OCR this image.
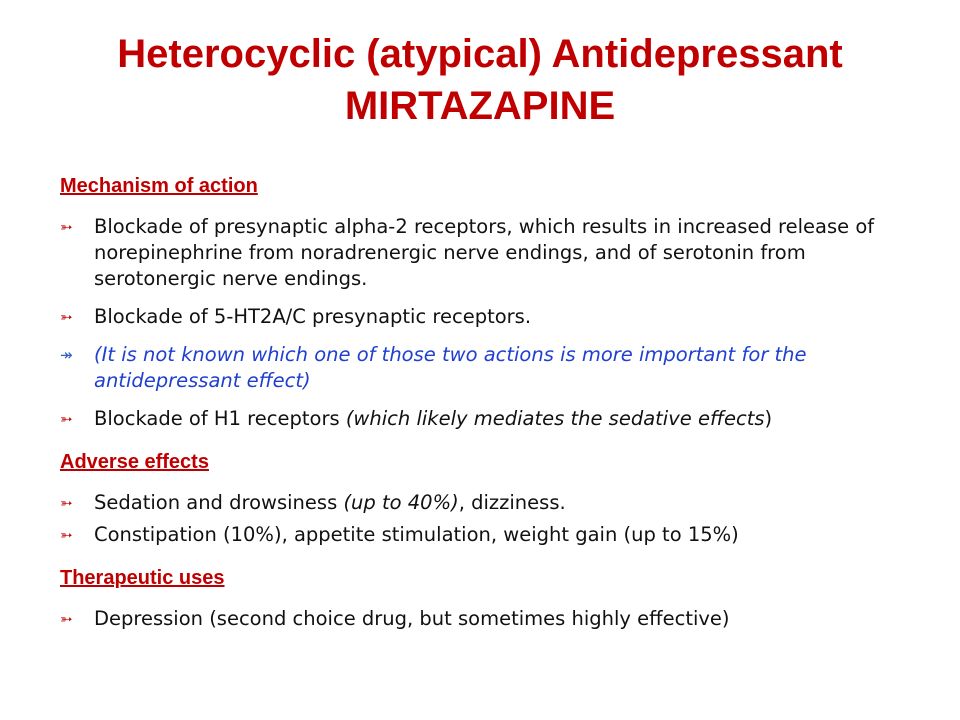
Heterocyclic (atypical) Antidepressant
MIRTAZAPINE
Mechanism of action
➳	Blockade of presynaptic alpha-2 receptors, which results in increased release of norepinephrine from noradrenergic nerve endings, and of serotonin from serotonergic nerve endings.
➳	Blockade of 5-HT2A/C presynaptic receptors.
↠	(It is not known which one of those two actions is more important for the antidepressant effect)
➳	Blockade of H1 receptors (which likely mediates the sedative effects)
Adverse effects
➳	Sedation and drowsiness (up to 40%), dizziness.
➳	Constipation (10%), appetite stimulation, weight gain (up to 15%)
Therapeutic uses
➳	Depression (second choice drug, but sometimes highly effective)
